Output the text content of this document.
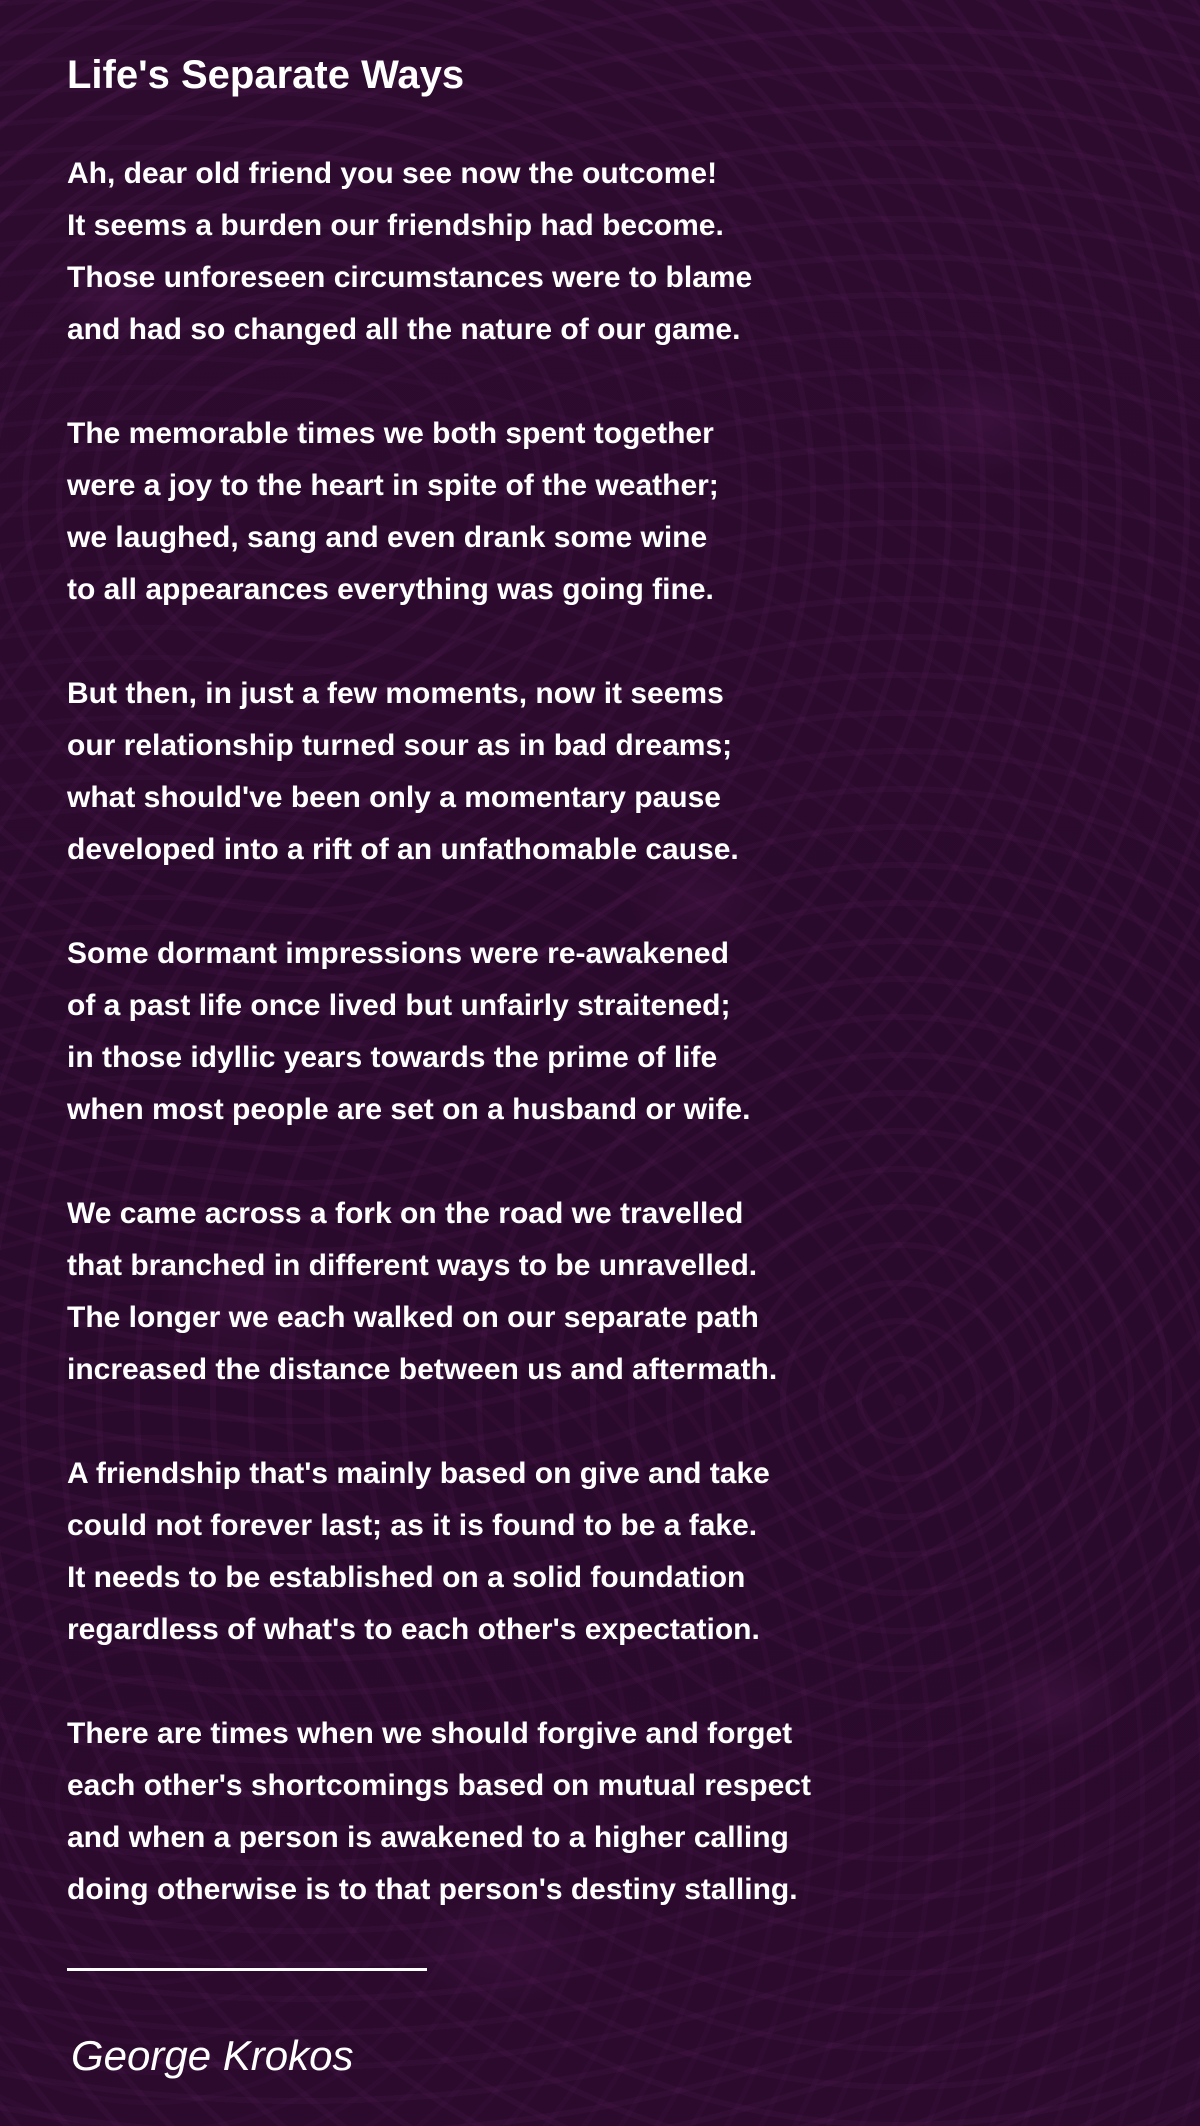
Life's Separate Ways
Ah, dear old friend you see now the outcome!
It seems a burden our friendship had become.
Those unforeseen circumstances were to blame
and had so changed all the nature of our game.
The memorable times we both spent together
were a joy to the heart in spite of the weather;
we laughed, sang and even drank some wine
to all appearances everything was going fine.
But then, in just a few moments, now it seems
our relationship turned sour as in bad dreams;
what should've been only a momentary pause
developed into a rift of an unfathomable cause.
Some dormant impressions were re-awakened
of a past life once lived but unfairly straitened;
in those idyllic years towards the prime of life
when most people are set on a husband or wife.
We came across a fork on the road we travelled
that branched in different ways to be unravelled.
The longer we each walked on our separate path
increased the distance between us and aftermath.
A friendship that's mainly based on give and take
could not forever last; as it is found to be a fake.
It needs to be established on a solid foundation
regardless of what's to each other's expectation.
There are times when we should forgive and forget
each other's shortcomings based on mutual respect
and when a person is awakened to a higher calling
doing otherwise is to that person's destiny stalling.
George Krokos
